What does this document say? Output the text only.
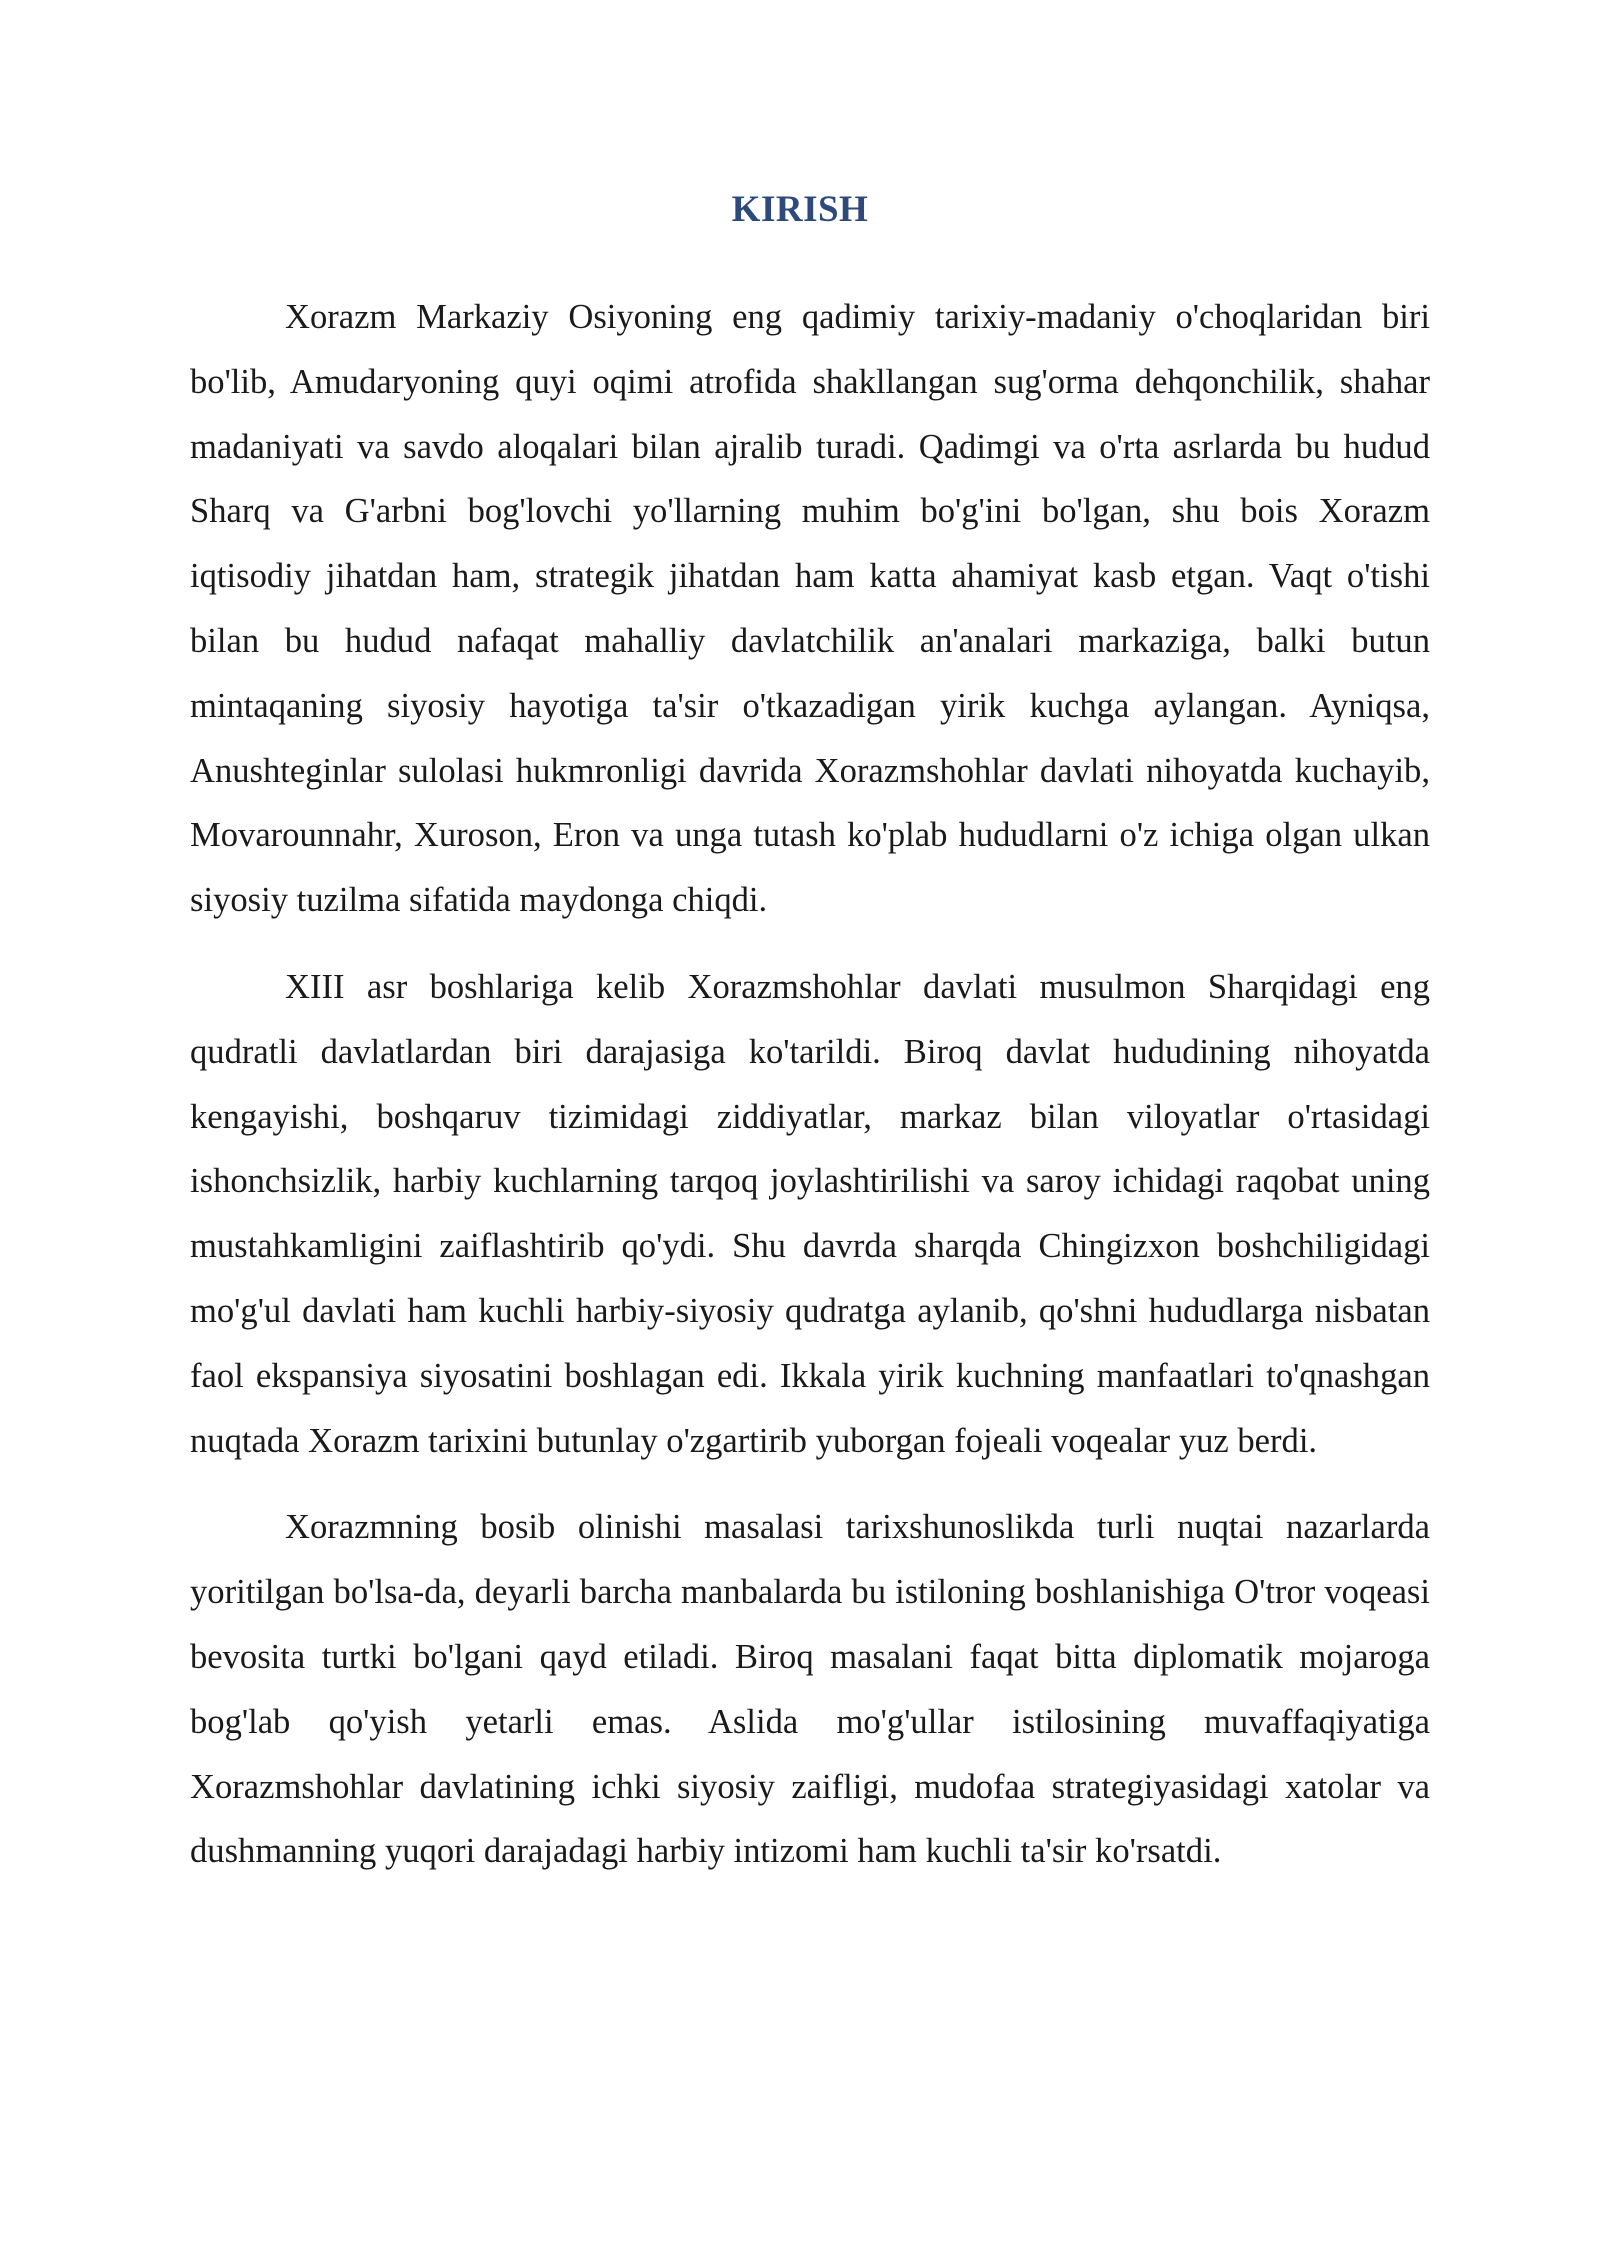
KIRISH

Xorazm Markaziy Osiyoning eng qadimiy tarixiy-madaniy o'choqlaridan biri bo'lib, Amudaryoning quyi oqimi atrofida shakllangan sug'orma dehqonchilik, shahar madaniyati va savdo aloqalari bilan ajralib turadi. Qadimgi va o'rta asrlarda bu hudud Sharq va G'arbni bog'lovchi yo'llarning muhim bo'g'ini bo'lgan, shu bois Xorazm iqtisodiy jihatdan ham, strategik jihatdan ham katta ahamiyat kasb etgan. Vaqt o'tishi bilan bu hudud nafaqat mahalliy davlatchilik an'analari markaziga, balki butun mintaqaning siyosiy hayotiga ta'sir o'tkazadigan yirik kuchga aylangan. Ayniqsa, Anushteginlar sulolasi hukmronligi davrida Xorazmshohlar davlati nihoyatda kuchayib, Movarounnahr, Xuroson, Eron va unga tutash ko'plab hududlarni o'z ichiga olgan ulkan siyosiy tuzilma sifatida maydonga chiqdi.

XIII asr boshlariga kelib Xorazmshohlar davlati musulmon Sharqidagi eng qudratli davlatlardan biri darajasiga ko'tarildi. Biroq davlat hududining nihoyatda kengayishi, boshqaruv tizimidagi ziddiyatlar, markaz bilan viloyatlar o'rtasidagi ishonchsizlik, harbiy kuchlarning tarqoq joylashtirilishi va saroy ichidagi raqobat uning mustahkamligini zaiflashtirib qo'ydi. Shu davrda sharqda Chingizxon boshchiligidagi mo'g'ul davlati ham kuchli harbiy-siyosiy qudratga aylanib, qo'shni hududlarga nisbatan faol ekspansiya siyosatini boshlagan edi. Ikkala yirik kuchning manfaatlari to'qnashgan nuqtada Xorazm tarixini butunlay o'zgartirib yuborgan fojeali voqealar yuz berdi.

Xorazmning bosib olinishi masalasi tarixshunoslikda turli nuqtai nazarlarda yoritilgan bo'lsa-da, deyarli barcha manbalarda bu istiloning boshlanishiga O'tror voqeasi bevosita turtki bo'lgani qayd etiladi. Biroq masalani faqat bitta diplomatik mojaroga bog'lab qo'yish yetarli emas. Aslida mo'g'ullar istilosining muvaffaqiyatiga Xorazmshohlar davlatining ichki siyosiy zaifligi, mudofaa strategiyasidagi xatolar va dushmanning yuqori darajadagi harbiy intizomi ham kuchli ta'sir ko'rsatdi.
